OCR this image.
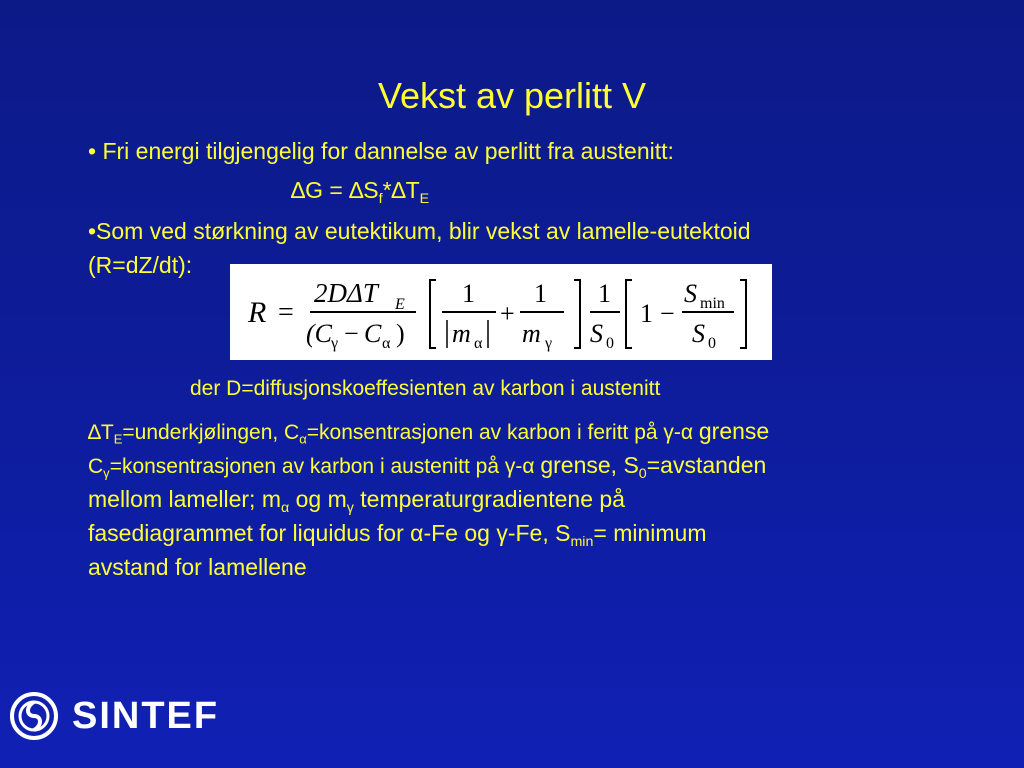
Vekst av perlitt V
• Fri energi tilgjengelig for dannelse av perlitt fra austenitt:
$\Delta G = \Delta S_f*\Delta T_E$
•Som ved størkning av eutektikum, blir vekst av lamelle-eutektoid
(R=dZ/dt):
R =
2DΔT E
(C γ − C α )
1
m α
+
1
m γ
1
S 0
1 −
S min
S 0
der D=diffusjonskoeffesienten av karbon i austenitt
$\Delta T_E=underkjølingen$, $C_\alpha=konsentrasjonen$ av karbon i feritt på γ-α grense
$C_\gamma=konsentrasjonen$ av karbon i austenitt på γ-α grense, $S_0=avstanden$
mellom lameller; $m_\alpha$ og $m_\gamma$ temperaturgradientene på
fasediagrammet for liquidus for α-Fe og γ-Fe, $S_{min}=$ minimum
avstand for lamellene
SINTEF
